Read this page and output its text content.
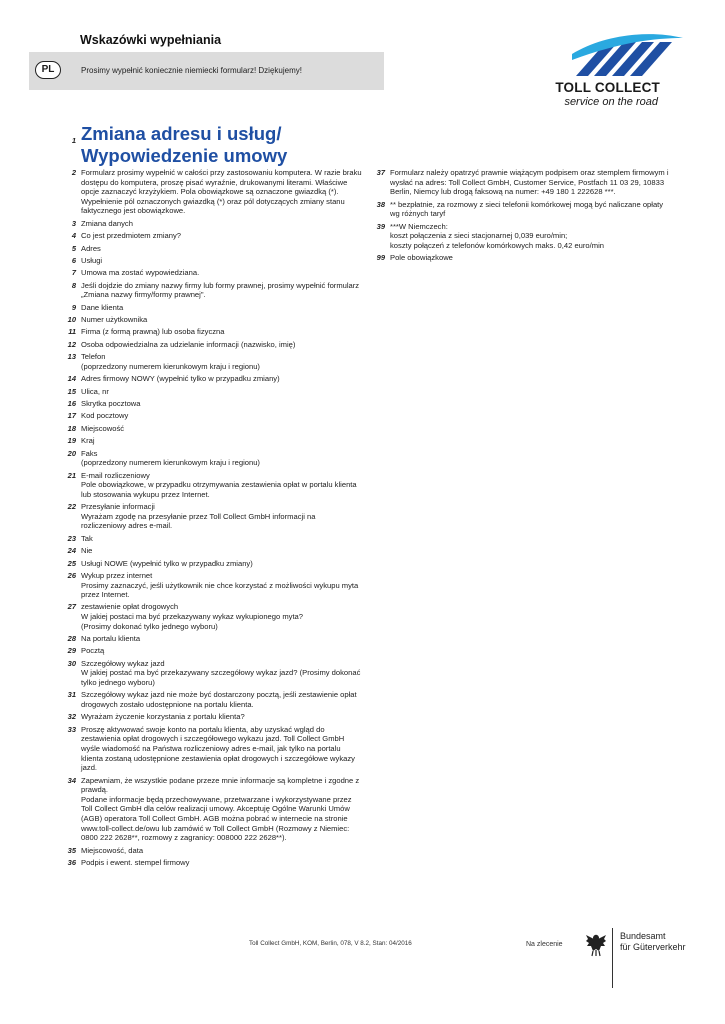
Wskazówki wypełniania
PL	Prosimy wypełnić koniecznie niemiecki formularz! Dziękujemy!
TOLL COLLECT
service on the road
1 Zmiana adresu i usług/ Wypowiedzenie umowy
2 Formularz prosimy wypełnić w całości przy zastosowaniu komputera. W razie braku dostępu do komputera, proszę pisać wyraźnie, drukowanymi literami. Właściwe opcje zaznaczyć krzyżykiem. Pola obowiązkowe są oznaczone gwiazdką (*).
Wypełnienie pól oznaczonych gwiazdką (*) oraz pól dotyczących zmiany stanu faktycznego jest obowiązkowe.
3 Zmiana danych
4 Co jest przedmiotem zmiany?
5 Adres
6 Usługi
7 Umowa ma zostać wypowiedziana.
8 Jeśli dojdzie do zmiany nazwy firmy lub formy prawnej, prosimy wypełnić formularz „Zmiana nazwy firmy/formy prawnej".
9 Dane klienta
10 Numer użytkownika
11 Firma (z formą prawną) lub osoba fizyczna
12 Osoba odpowiedzialna za udzielanie informacji (nazwisko, imię)
13 Telefon
(poprzedzony numerem kierunkowym kraju i regionu)
14 Adres firmowy NOWY (wypełnić tylko w przypadku zmiany)
15 Ulica, nr
16 Skrytka pocztowa
17 Kod pocztowy
18 Miejscowość
19 Kraj
20 Faks
(poprzedzony numerem kierunkowym kraju i regionu)
21 E-mail rozliczeniowy
Pole obowiązkowe, w przypadku otrzymywania zestawienia opłat w portalu klienta lub stosowania wykupu przez Internet.
22 Przesyłanie informacji
Wyrażam zgodę na przesyłanie przez Toll Collect GmbH informacji na rozliczeniowy adres e-mail.
23 Tak
24 Nie
25 Usługi NOWE (wypełnić tylko w przypadku zmiany)
26 Wykup przez internet
Prosimy zaznaczyć, jeśli użytkownik nie chce korzystać z możliwości wykupu myta przez Internet.
27 zestawienie opłat drogowych
W jakiej postaci ma być przekazywany wykaz wykupionego myta?
(Prosimy dokonać tylko jednego wyboru)
28 Na portalu klienta
29 Pocztą
30 Szczegółowy wykaz jazd
W jakiej postać ma być przekazywany szczegółowy wykaz jazd? (Prosimy dokonać tylko jednego wyboru)
31 Szczegółowy wykaz jazd nie może być dostarczony pocztą, jeśli zestawienie opłat drogowych zostało udostępnione na portalu klienta.
32 Wyrażam życzenie korzystania z portalu klienta?
33 Proszę aktywować swoje konto na portalu klienta, aby uzyskać wgląd do zestawienia opłat drogowych i szczegółowego wykazu jazd. Toll Collect GmbH wyśle wiadomość na Państwa rozliczeniowy adres e-mail, jak tylko na portalu klienta zostaną udostępnione zestawienia opłat drogowych i szczegółowe wykazy jazd.
34 Zapewniam, że wszystkie podane przeze mnie informacje są kompletne i zgodne z prawdą.
Podane informacje będą przechowywane, przetwarzane i wykorzystywane przez Toll Collect GmbH dla celów realizacji umowy. Akceptuję Ogólne Warunki Umów (AGB) operatora Toll Collect GmbH. AGB można pobrać w internecie na stronie www.toll-collect.de/owu lub zamówić w Toll Collect GmbH (Rozmowy z Niemiec: 0800 222 2628**, rozmowy z zagranicy: 008000 222 2628**).
35 Miejscowość, data
36 Podpis i ewent. stempel firmowy
37 Formularz należy opatrzyć prawnie wiążącym podpisem oraz stemplem firmowym i wysłać na adres: Toll Collect GmbH, Customer Service, Postfach 11 03 29, 10833 Berlin, Niemcy lub drogą faksową na numer: +49 180 1 222628 ***.
38 ** bezpłatnie, za rozmowy z sieci telefonii komórkowej mogą być naliczane opłaty wg różnych taryf
39 ***W Niemczech:
koszt połączenia z sieci stacjonarnej 0,039 euro/min;
koszty połączeń z telefonów komórkowych maks. 0,42 euro/min
99 Pole obowiązkowe
Toll Collect GmbH, KOM, Berlin, 078, V 8.2, Stan: 04/2016	Na zlecenie
Bundesamt
für Güterverkehr
